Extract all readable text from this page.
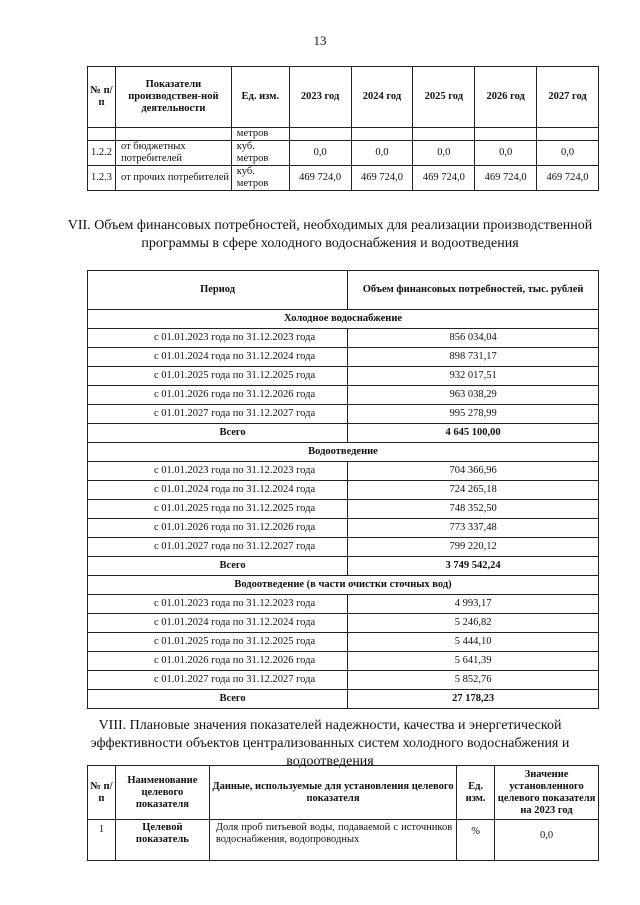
13
№ п/п	Показатели производствен-ной деятельности	Ед. изм.	2023 год	2024 год	2025 год	2026 год	2027 год
		метров					
1.2.2	от бюджетных потребителей	куб. метров	0,0	0,0	0,0	0,0	0,0
1.2.3	от прочих потребителей	куб. метров	469 724,0	469 724,0	469 724,0	469 724,0	469 724,0
VII. Объем финансовых потребностей, необходимых для реализации производственной программы в сфере холодного водоснабжения и водоотведения
Период	Объем финансовых потребностей, тыс. рублей
Холодное водоснабжение	
с 01.01.2023 года по 31.12.2023 года	856 034,04
с 01.01.2024 года по 31.12.2024 года	898 731,17
с 01.01.2025 года по 31.12.2025 года	932 017,51
с 01.01.2026 года по 31.12.2026 года	963 038,29
с 01.01.2027 года по 31.12.2027 года	995 278,99
Всего	4 645 100,00
Водоотведение	
с 01.01.2023 года по 31.12.2023 года	704 366,96
с 01.01.2024 года по 31.12.2024 года	724 265,18
с 01.01.2025 года по 31.12.2025 года	748 352,50
с 01.01.2026 года по 31.12.2026 года	773 337,48
с 01.01.2027 года по 31.12.2027 года	799 220,12
Всего	3 749 542,24
Водоотведение (в части очистки сточных вод)	
с 01.01.2023 года по 31.12.2023 года	4 993,17
с 01.01.2024 года по 31.12.2024 года	5 246,82
с 01.01.2025 года по 31.12.2025 года	5 444,10
с 01.01.2026 года по 31.12.2026 года	5 641,39
с 01.01.2027 года по 31.12.2027 года	5 852,76
Всего	27 178,23
VIII. Плановые значения показателей надежности, качества и энергетической эффективности объектов централизованных систем холодного водоснабжения и водоотведения
№ п/п	Наименование целевого показателя	Данные, используемые для установления целевого показателя	Ед. изм.	Значение установленного целевого показателя на 2023 год
1	Целевой показатель	Доля проб питьевой воды, подаваемой с источников водоснабжения, водопроводных	%	0,0
